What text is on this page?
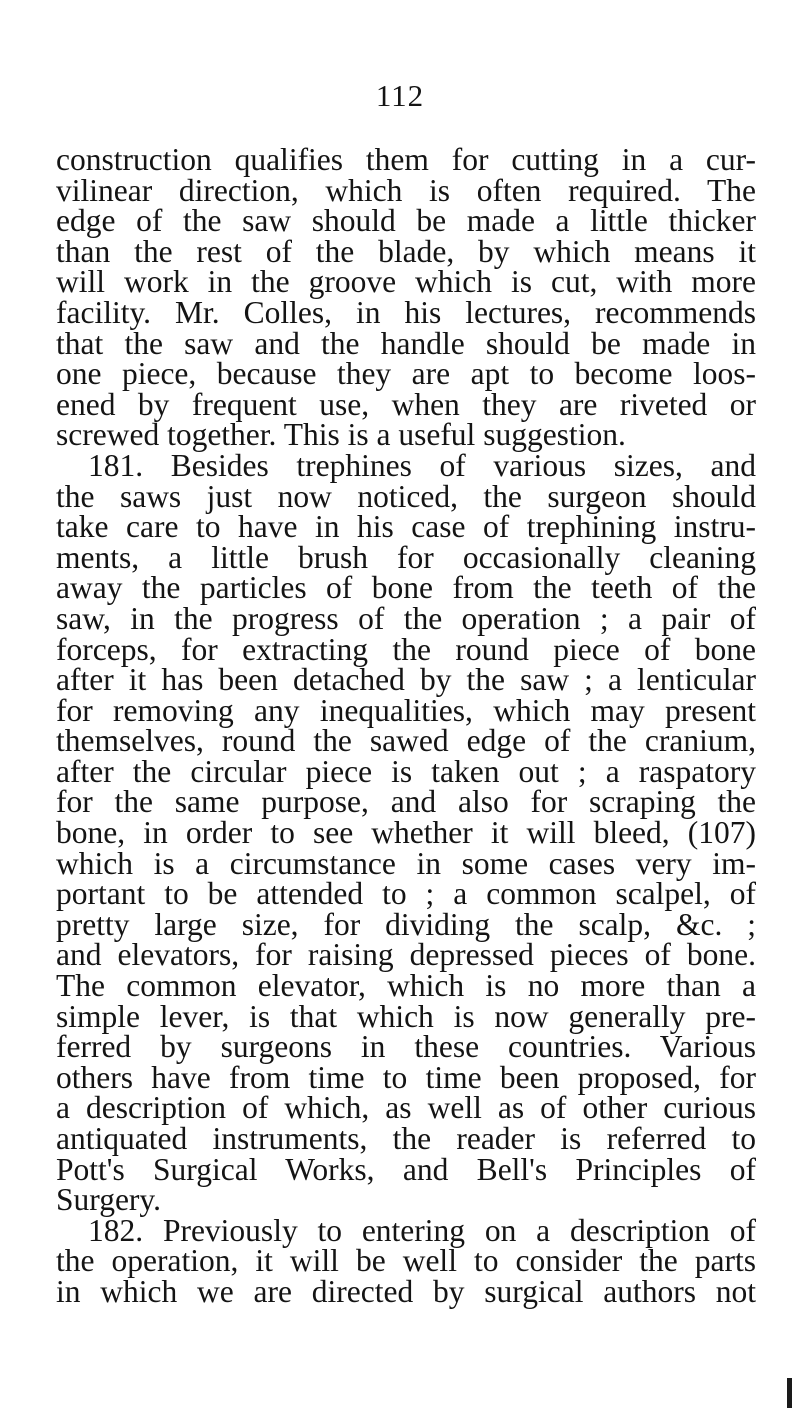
112
construction qualifies them for cutting in a cur-
vilinear direction, which is often required. The
edge of the saw should be made a little thicker
than the rest of the blade, by which means it
will work in the groove which is cut, with more
facility. Mr. Colles, in his lectures, recommends
that the saw and the handle should be made in
one piece, because they are apt to become loos-
ened by frequent use, when they are riveted or
screwed together. This is a useful suggestion.
181. Besides trephines of various sizes, and
the saws just now noticed, the surgeon should
take care to have in his case of trephining instru-
ments, a little brush for occasionally cleaning
away the particles of bone from the teeth of the
saw, in the progress of the operation ; a pair of
forceps, for extracting the round piece of bone
after it has been detached by the saw ; a lenticular
for removing any inequalities, which may present
themselves, round the sawed edge of the cranium,
after the circular piece is taken out ; a raspatory
for the same purpose, and also for scraping the
bone, in order to see whether it will bleed, (107)
which is a circumstance in some cases very im-
portant to be attended to ; a common scalpel, of
pretty large size, for dividing the scalp, &c. ;
and elevators, for raising depressed pieces of bone.
The common elevator, which is no more than a
simple lever, is that which is now generally pre-
ferred by surgeons in these countries. Various
others have from time to time been proposed, for
a description of which, as well as of other curious
antiquated instruments, the reader is referred to
Pott's Surgical Works, and Bell's Principles of
Surgery.
182. Previously to entering on a description of
the operation, it will be well to consider the parts
in which we are directed by surgical authors not
